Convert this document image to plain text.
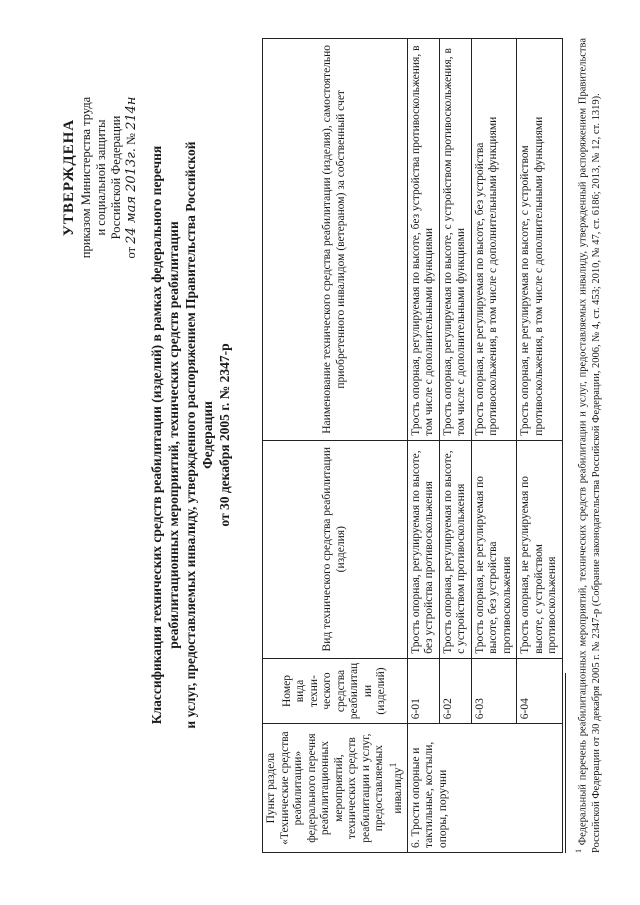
УТВЕРЖДЕНА приказом Министерства труда и социальной защиты Российской Федерации
от 24 мая 2013г. № 214н
Классификация технических средств реабилитации (изделий) в рамках федерального перечня реабилитационных мероприятий, технических средств реабилитации и услуг, предоставляемых инвалиду, утвержденного распоряжением Правительства Российской Федерации от 30 декабря 2005 г. № 2347-р
Пункт раздела «Технические средства реабилитации» федерального перечня реабилитационных мероприятий, технических средств реабилитации и услуг, предоставляемых инвалиду$^1$	Номер вида техни-ческого средства реабилитац ии (изделий)	Вид технического средства реабилитации (изделия)	Наименование технического средства реабилитации (изделия), самостоятельно приобретенного инвалидом (ветераном) за собственный счет
6. Трости опорные и тактильные, костыли, опоры, поручни	6-01	Трость опорная, регулируемая по высоте, без устройства противоскольжения	Трость опорная, регулируемая по высоте, без устройства противоскольжения, в том числе с дополнительными функциями
	6-02	Трость опорная, регулируемая по высоте, с устройством противоскольжения	Трость опорная, регулируемая по высоте, с устройством противоскольжения, в том числе с дополнительными функциями
	6-03	Трость опорная, не регулируемая по высоте, без устройства противоскольжения	Трость опорная, не регулируемая по высоте, без устройства противоскольжения, в том числе с дополнительными функциями
	6-04	Трость опорная, не регулируемая по высоте, с устройством противоскольжения	Трость опорная, не регулируемая по высоте, с устройством противоскольжения, в том числе с дополнительными функциями
$^1$ Федеральный перечень реабилитационных мероприятий, технических средств реабилитации и услуг, предоставляемых инвалиду, утвержденный распоряжением Правительства Российской Федерации от 30 декабря 2005 г. № 2347-р (Собрание законодательства Российской Федерации, 2006, № 4, ст. 453; 2010, № 47, ст. 6186; 2013, № 12, ст. 1319).
